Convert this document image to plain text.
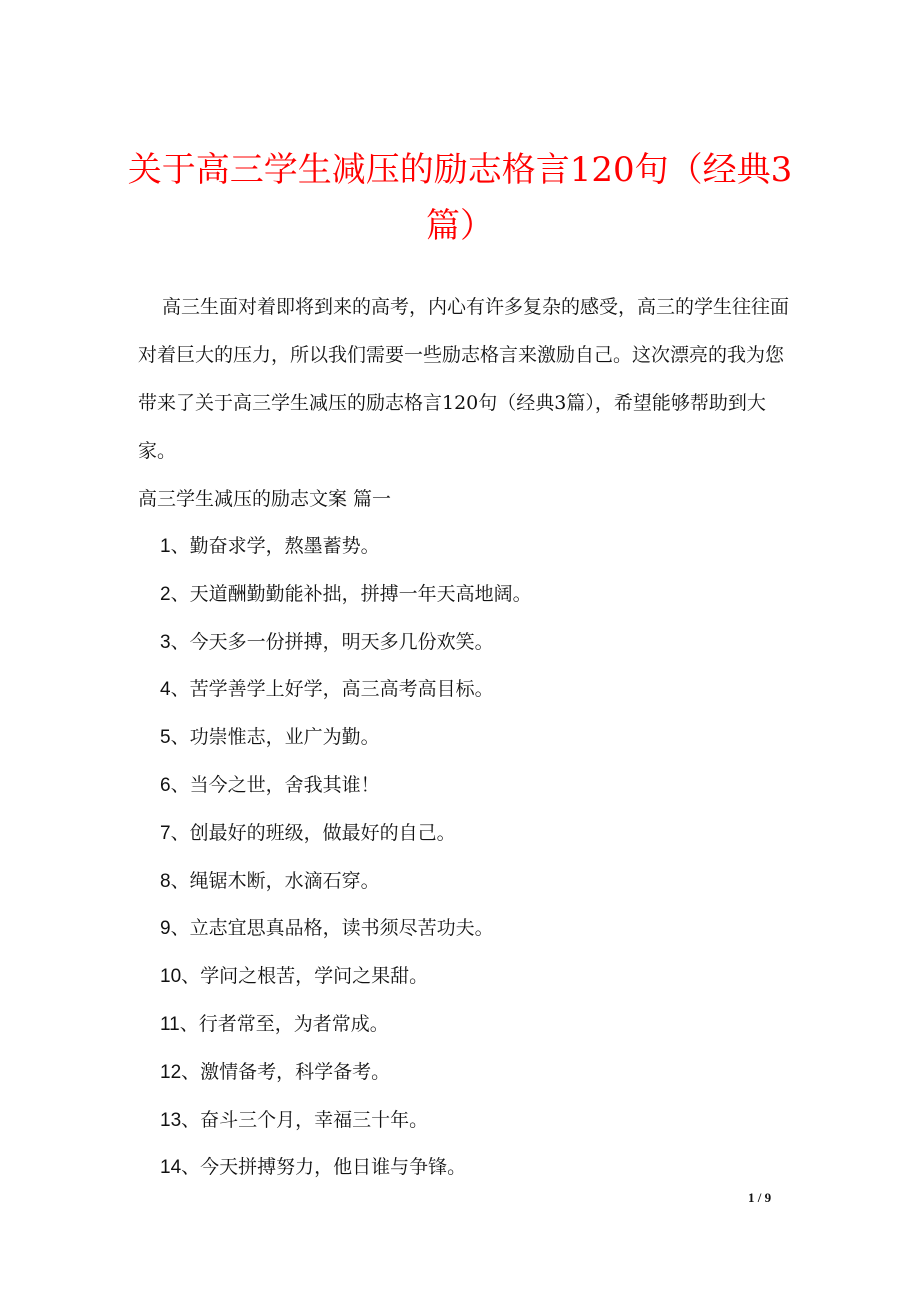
关于高三学生减压的励志格言120句（经典3篇）

高三生面对着即将到来的高考，内心有许多复杂的感受，高三的学生往往面对着巨大的压力，所以我们需要一些励志格言来激励自己。这次漂亮的我为您带来了关于高三学生减压的励志格言120句（经典3篇），希望能够帮助到大家。

高三学生减压的励志文案 篇一

1、勤奋求学，熬墨蓄势。
2、天道酬勤勤能补拙，拼搏一年天高地阔。
3、今天多一份拼搏，明天多几份欢笑。
4、苦学善学上好学，高三高考高目标。
5、功崇惟志，业广为勤。
6、当今之世，舍我其谁！
7、创最好的班级，做最好的自己。
8、绳锯木断，水滴石穿。
9、立志宜思真品格，读书须尽苦功夫。
10、学问之根苦，学问之果甜。
11、行者常至，为者常成。
12、激情备考，科学备考。
13、奋斗三个月，幸福三十年。
14、今天拼搏努力，他日谁与争锋。
1 / 9
